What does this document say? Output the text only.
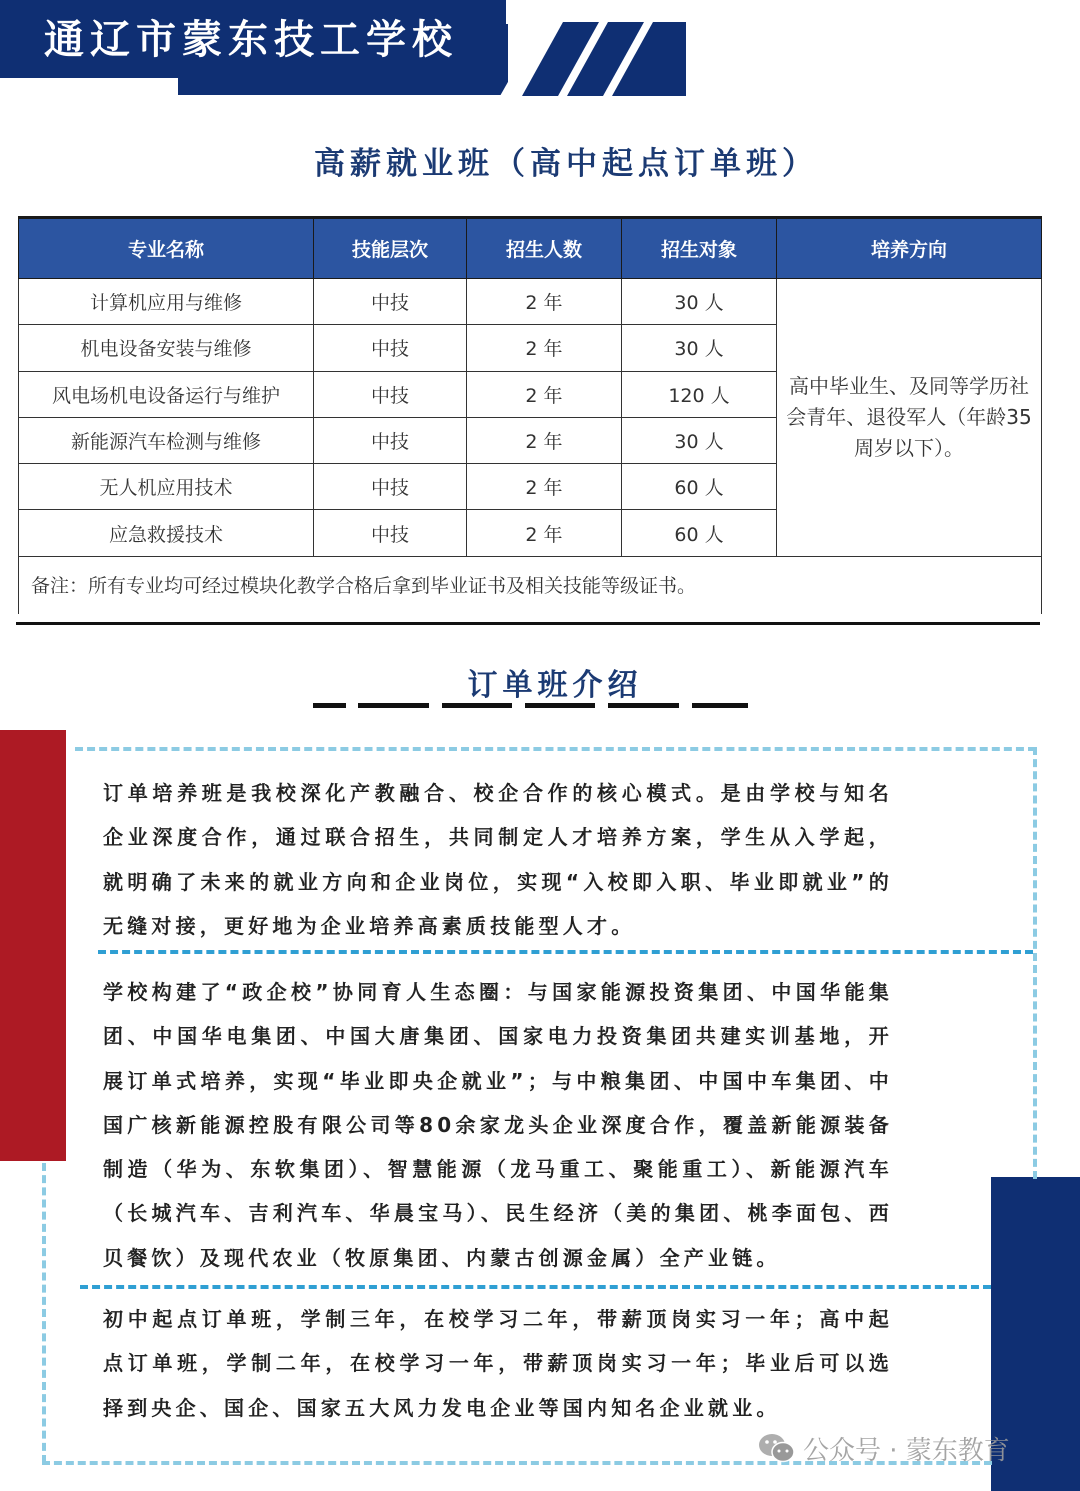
通辽市蒙东技工学校
高薪就业班（高中起点订单班）
专业名称	技能层次	招生人数	招生对象	培养方向
计算机应用与维修	中技	2 年	30 人	高中毕业生、及同等学历社会青年、退役军人（年龄35周岁以下）。
机电设备安装与维修	中技	2 年	30 人	
风电场机电设备运行与维护	中技	2 年	120 人	
新能源汽车检测与维修	中技	2 年	30 人	
无人机应用技术	中技	2 年	60 人	
应急救援技术	中技	2 年	60 人	
备注：所有专业均可经过模块化教学合格后拿到毕业证书及相关技能等级证书。				
订单班介绍
订单培养班是我校深化产教融合、校企合作的核心模式。是由学校与知名企业深度合作，通过联合招生，共同制定人才培养方案，学生从入学起，就明确了未来的就业方向和企业岗位，实现“入校即入职、毕业即就业”的无缝对接，更好地为企业培养高素质技能型人才。
学校构建了“政企校”协同育人生态圈：与国家能源投资集团、中国华能集团、中国华电集团、中国大唐集团、国家电力投资集团共建实训基地，开展订单式培养，实现“毕业即央企就业”；与中粮集团、中国中车集团、中国广核新能源控股有限公司等80余家龙头企业深度合作，覆盖新能源装备制造（华为、东软集团）、智慧能源（龙马重工、聚能重工）、新能源汽车（长城汽车、吉利汽车、华晨宝马）、民生经济（美的集团、桃李面包、西贝餐饮）及现代农业（牧原集团、内蒙古创源金属）全产业链。
初中起点订单班，学制三年，在校学习二年，带薪顶岗实习一年；高中起点订单班，学制二年，在校学习一年，带薪顶岗实习一年；毕业后可以选择到央企、国企、国家五大风力发电企业等国内知名企业就业。
公众号 · 蒙东教育
